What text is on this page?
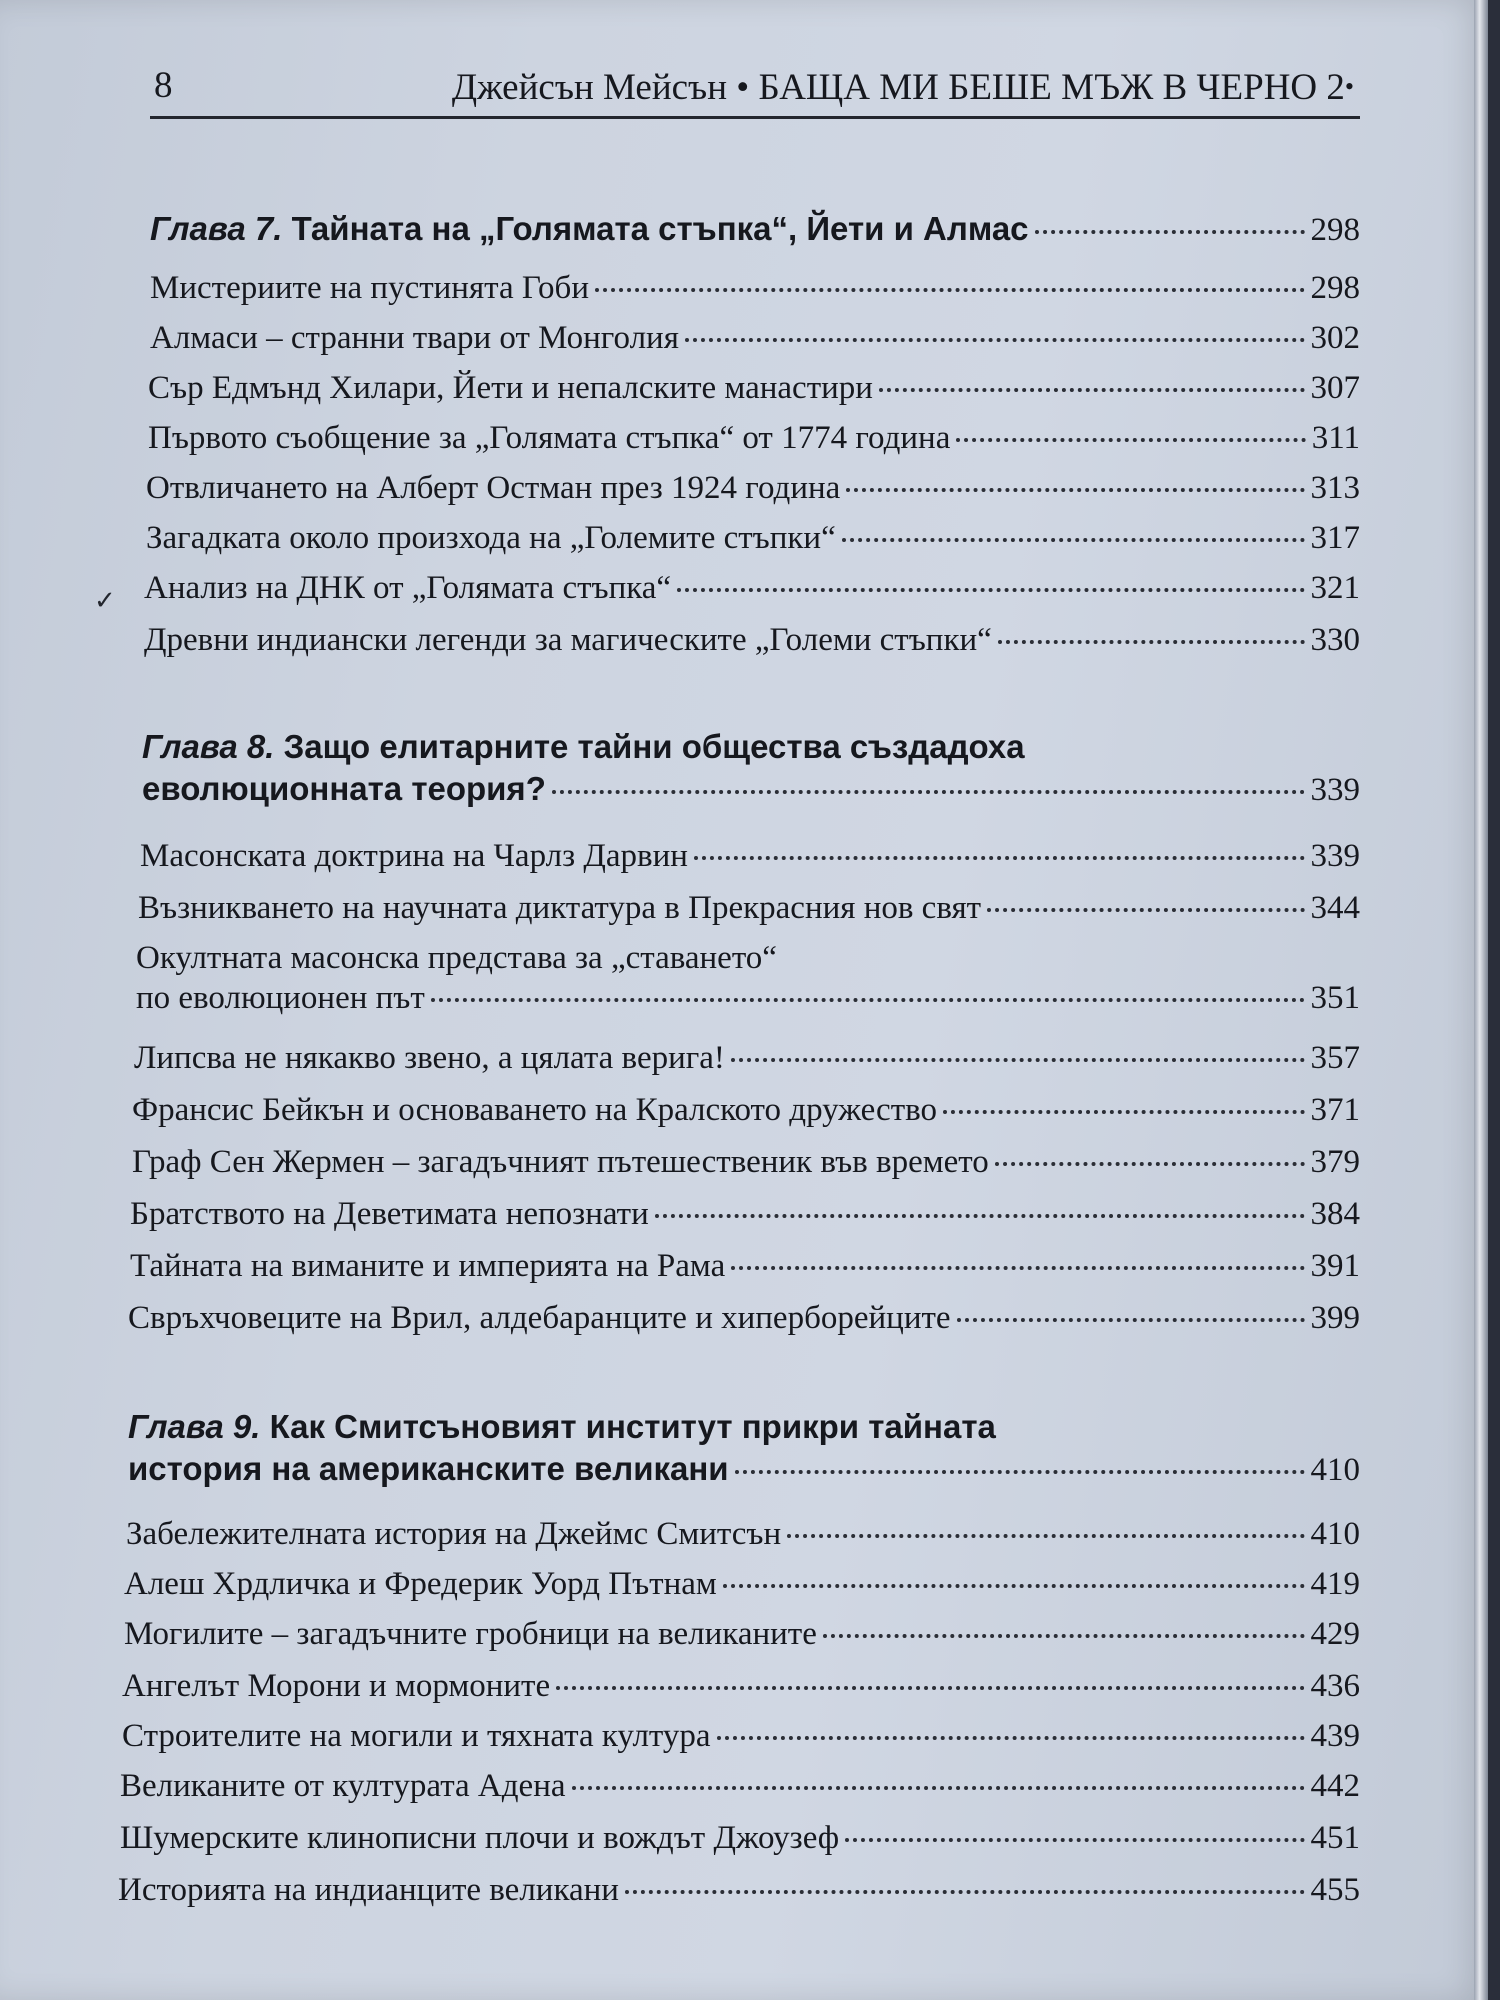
8	Джейсън Мейсън • БАЩА МИ БЕШЕ МЪЖ В ЧЕРНО 2•
✓
Глава 7. Тайната на „Голямата стъпка“, Йети и Алмас	298
Мистериите на пустинята Гоби	298
Алмаси – странни твари от Монголия	302
Сър Едмънд Хилари, Йети и непалските манастири	307
Първото съобщение за „Голямата стъпка“ от 1774 година	311
Отвличането на Алберт Остман през 1924 година	313
Загадката около произхода на „Големите стъпки“	317
Анализ на ДНК от „Голямата стъпка“	321
Древни индиански легенди за магическите „Големи стъпки“	330
Глава 8. Защо елитарните тайни общества създадоха
еволюционната теория?	339
Масонската доктрина на Чарлз Дарвин	339
Възникването на научната диктатура в Прекрасния нов свят	344
Окултната масонска представа за „ставането“
по еволюционен път	351
Липсва не някакво звено, а цялата верига!	357
Франсис Бейкън и основаването на Кралското дружество	371
Граф Сен Жермен – загадъчният пътешественик във времето	379
Братството на Деветимата непознати	384
Тайната на виманите и империята на Рама	391
Свръхчовеците на Врил, алдебаранците и хиперборейците	399
Глава 9. Как Смитсъновият институт прикри тайната
история на американските великани	410
Забележителната история на Джеймс Смитсън	410
Алеш Хрдличка и Фредерик Уорд Пътнам	419
Могилите – загадъчните гробници на великаните	429
Ангелът Морони и мормоните	436
Строителите на могили и тяхната култура	439
Великаните от културата Адена	442
Шумерските клинописни плочи и вождът Джоузеф	451
Историята на индианците великани	455
